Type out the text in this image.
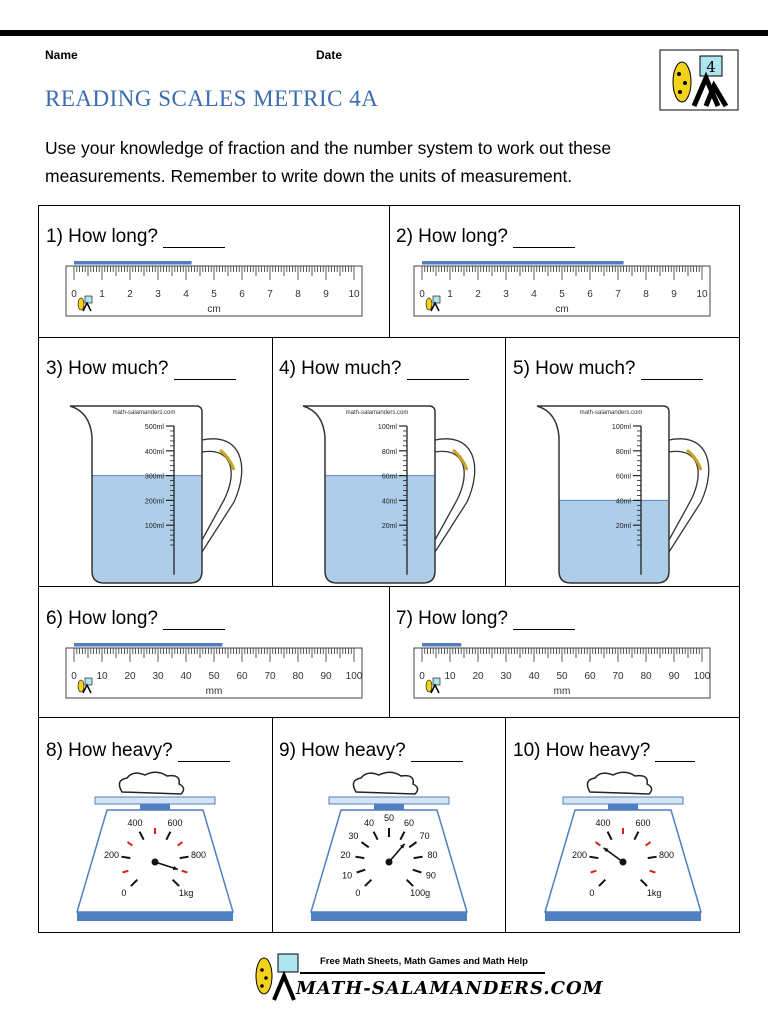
Name	Date
4
READING SCALES METRIC 4A
Use your knowledge of fraction and the number system to work out these measurements. Remember to write down the units of measurement.
1) How long?	2) How long?
3) How much?	4) How much?	5) How much?
6) How long?	7) How long?
8) How heavy?	9) How heavy?	10) How heavy?
0 1 2 3 4 5 6 7 8 9 10
cm
0 1 2 3 4 5 6 7 8 9 10
cm
math-salamanders.com
500ml
400ml
300ml
200ml
100ml
math-salamanders.com
100ml
80ml
60ml
40ml
20ml
math-salamanders.com
100ml
80ml
60ml
40ml
20ml
0 10 20 30 40 50 60 70 80 90 100
mm
0 10 20 30 40 50 60 70 80 90 100
mm
0
200
400	600
800
1kg	0
10
20
30
40 50 60
70
80
90
100g	0
200
400	600
800
1kg
Free Math Sheets, Math Games and Math Help
MATH-SALAMANDERS.COM
